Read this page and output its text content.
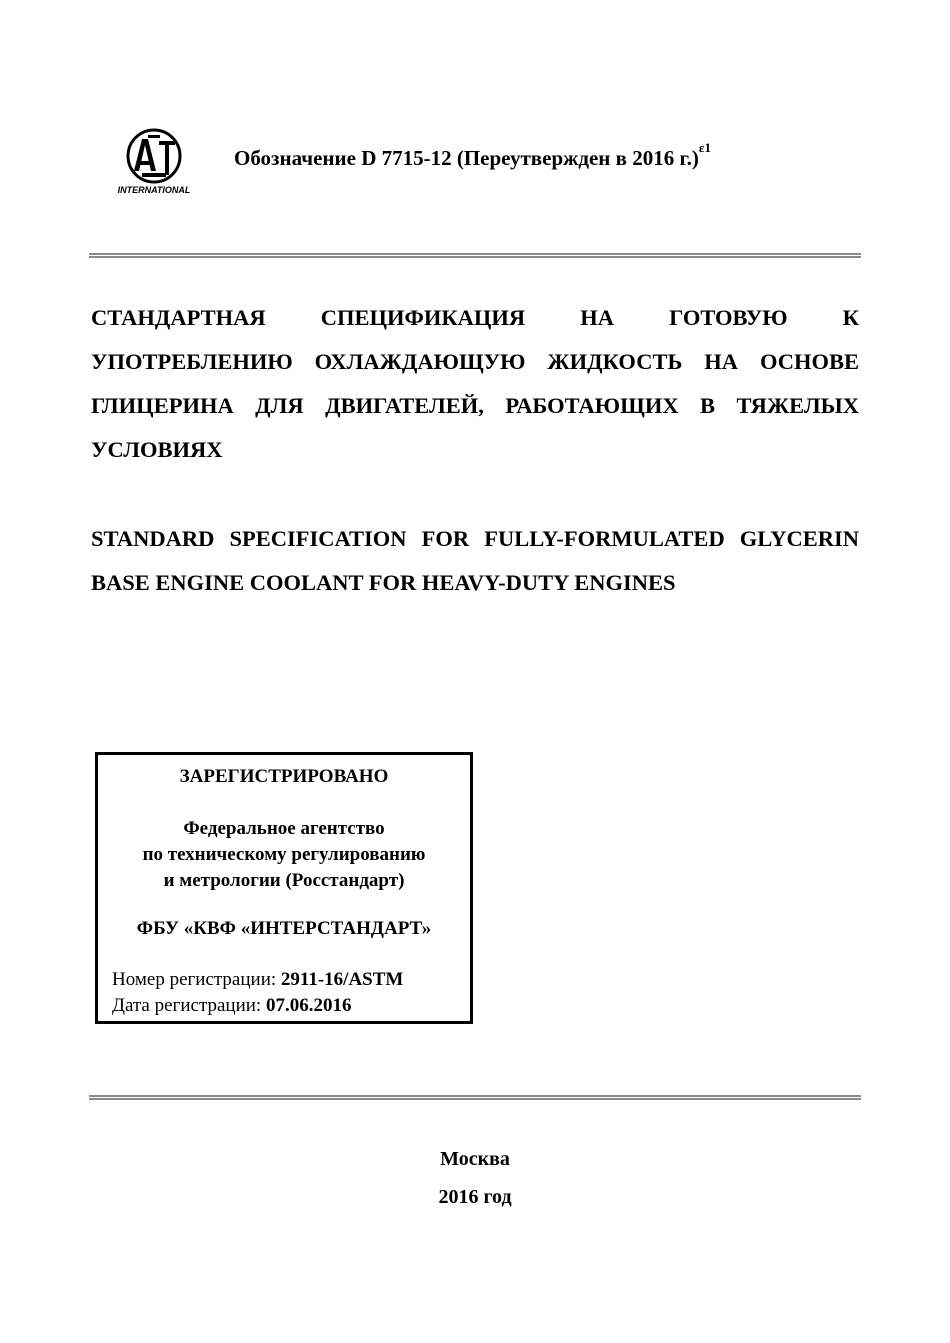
INTERNATIONAL
Обозначение D 7715-12 (Переутвержден в 2016 г.)$^{\varepsilon 1}$
СТАНДАРТНАЯ СПЕЦИФИКАЦИЯ НА ГОТОВУЮ К УПОТРЕБЛЕНИЮ ОХЛАЖДАЮЩУЮ ЖИДКОСТЬ НА ОСНОВЕ ГЛИЦЕРИНА ДЛЯ ДВИГАТЕЛЕЙ, РАБОТАЮЩИХ В ТЯЖЕЛЫХ УСЛОВИЯХ
STANDARD SPECIFICATION FOR FULLY-FORMULATED GLYCERIN BASE ENGINE COOLANT FOR HEAVY-DUTY ENGINES
ЗАРЕГИСТРИРОВАНО
Федеральное агентство
по техническому регулированию
и метрологии (Росстандарт)
ФБУ «КВФ «ИНТЕРСТАНДАРТ»
Номер регистрации: 2911-16/ASTM
Дата регистрации: 07.06.2016
Москва
2016 год
